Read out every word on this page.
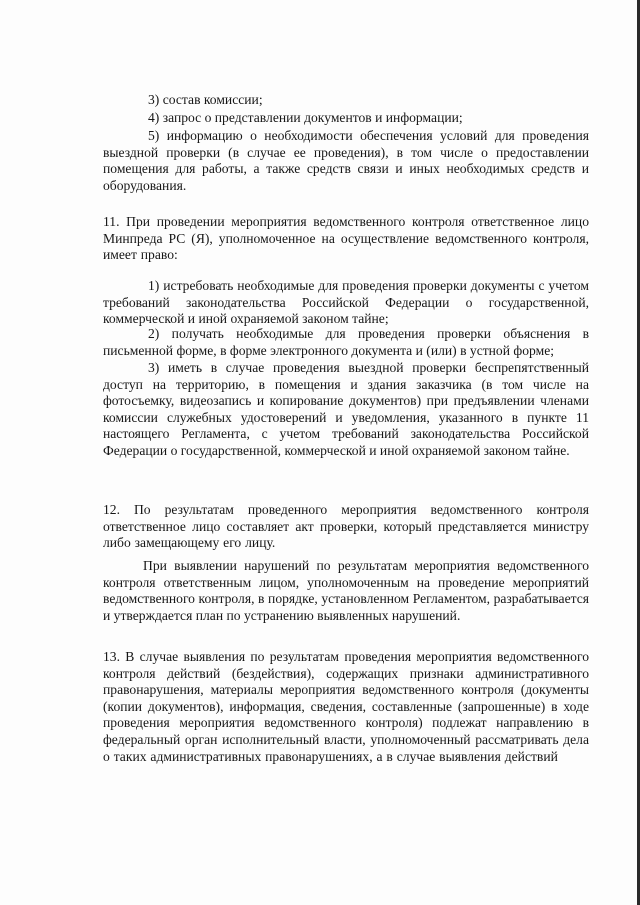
3) состав комиссии;
4) запрос о представлении документов и информации;
5) информацию о необходимости обеспечения условий для проведения выездной проверки (в случае ее проведения), в том числе о предоставлении помещения для работы, а также средств связи и иных необходимых средств и оборудования.
11. При проведении мероприятия ведомственного контроля ответственное лицо Минпреда РС (Я), уполномоченное на осуществление ведомственного контроля, имеет право:
1) истребовать необходимые для проведения проверки документы с учетом требований законодательства Российской Федерации о государственной, коммерческой и иной охраняемой законом тайне;
2) получать необходимые для проведения проверки объяснения в письменной форме, в форме электронного документа и (или) в устной форме;
3) иметь в случае проведения выездной проверки беспрепятственный доступ на территорию, в помещения и здания заказчика (в том числе на фотосъемку, видеозапись и копирование документов) при предъявлении членами комиссии служебных удостоверений и уведомления, указанного в пункте 11 настоящего Регламента, с учетом требований законодательства Российской Федерации о государственной, коммерческой и иной охраняемой законом тайне.
12. По результатам проведенного мероприятия ведомственного контроля ответственное лицо составляет акт проверки, который представляется министру либо замещающему его лицу.
При выявлении нарушений по результатам мероприятия ведомственного контроля ответственным лицом, уполномоченным на проведение мероприятий ведомственного контроля, в порядке, установленном Регламентом, разрабатывается и утверждается план по устранению выявленных нарушений.
13. В случае выявления по результатам проведения мероприятия ведомственного контроля действий (бездействия), содержащих признаки административного правонарушения, материалы мероприятия ведомственного контроля (документы (копии документов), информация, сведения, составленные (запрошенные) в ходе проведения мероприятия ведомственного контроля) подлежат направлению в федеральный орган исполнительный власти, уполномоченный рассматривать дела о таких административных правонарушениях, а в случае выявления действий
